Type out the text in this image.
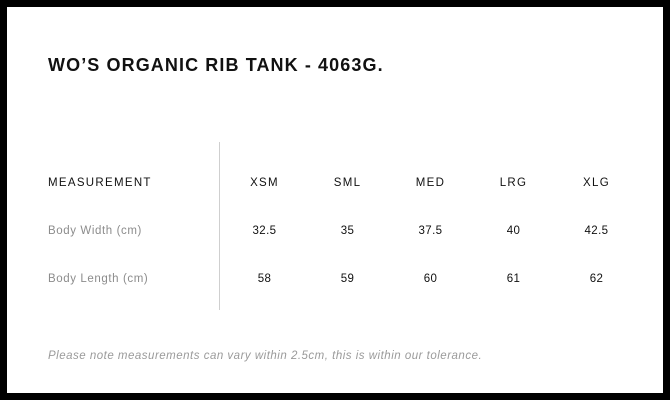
WO’S ORGANIC RIB TANK - 4063G.
MEASUREMENT	XSM	SML	MED	LRG	XLG
Body Width (cm)	32.5	35	37.5	40	42.5
Body Length (cm)	58	59	60	61	62
Please note measurements can vary within 2.5cm, this is within our tolerance.
